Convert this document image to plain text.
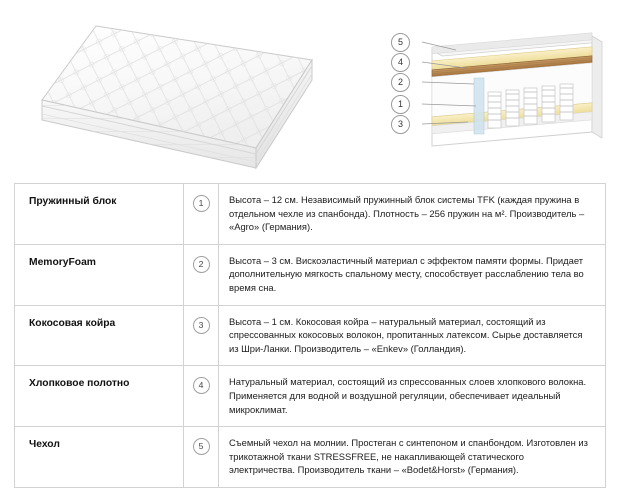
5
4
2
1
3
Пружинный блок	1	Высота – 12 см. Независимый пружинный блок системы TFK (каждая пружина в отдельном чехле из спанбонда). Плотность – 256 пружин на м². Производитель – «Agro» (Германия).
MemoryFoam	2	Высота – 3 см. Вискоэластичный материал с эффектом памяти формы. Придает дополнительную мягкость спальному месту, способствует расслаблению тела во время сна.
Кокосовая койра	3	Высота – 1 см. Кокосовая койра – натуральный материал, состоящий из спрессованных кокосовых волокон, пропитанных латексом. Сырье доставляется из Шри-Ланки. Производитель – «Enkev» (Голландия).
Хлопковое полотно	4	Натуральный материал, состоящий из спрессованных слоев хлопкового волокна. Применяется для водной и воздушной регуляции, обеспечивает идеальный микроклимат.
Чехол	5	Съемный чехол на молнии. Простеган с синтепоном и спанбондом. Изготовлен из трикотажной ткани STRESSFREE, не накапливающей статического электричества. Производитель ткани – «Bodet&Horst» (Германия).
